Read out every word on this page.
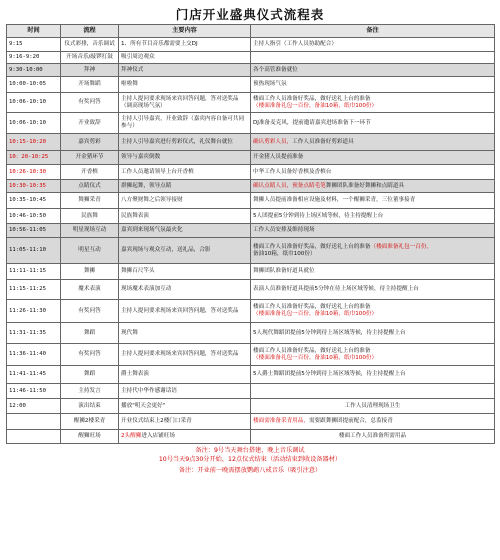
门店开业盛典仪式流程表
时间	流程	主要内容	备注
9:15	仪式彩排，音乐调试	1、所有节目音乐都需要上交DJ	主持人指引（工作人员协助配合）
9:16-9:20	开场音乐/敲锣打鼓	吸引周边观众	
9:30-10:00	拜神	拜神仪式	各个高管准备就位
10:00-10:05	开场舞蹈	啦啦舞	预热现场气氛
10:06-10:10	有奖问答	主持人提问要求现场来宾回答问题，答对送奖品（调高现场气氛）	楼面工作人员准备好奖品，做好送礼上台的准备（楼面准备礼包一百份，备油10箱，纸巾100份）
10:06-10:10	开业致辞	主持人引导嘉宾，开业致辞（嘉宾内容自备可共同参与）	DJ准备麦克风，提前邀请嘉宾进场准备下一环节
10:15-10:20	嘉宾剪彩	主持人引导嘉宾进行剪彩仪式，礼仪舞台就位	确认剪彩人员，工作人员准备好剪彩道具
10：20-10:25	开金猪环节	领导与嘉宾倒数	开金猪人员提前准备
10:26-10:30	开香槟	工作人员邀请领导上台开香槟	中华工作人员备好香槟及香槟台
10:30-10:35	点睛仪式	群狮起舞，领导点睛	确认点睛人员，预备点睛毛笔舞狮团队准备好舞狮和点睛道具
10:35-10:45	舞狮采青	八方聚财舞之后领导接财	舞狮人员提前准备相应设施及材料，一个醒狮采青，三位董事接青
10:46-10:50	民族舞	民族舞表演	5人团提前5分钟到待上场区域等候，待主持提醒上台
10:56-11:05	明星现场互动	嘉宾到来现场气氛最火化	工作人员安排及维持现场
11:05-11:10	明星互动	嘉宾现场与观众互动，送礼品，合影	楼面工作人员准备好奖品，做好送礼上台的准备（楼面准备礼包一百份，备油10箱，纸巾100份）
11:11-11:15	舞狮	舞狮百尺竿头	舞狮团队准备好道具就位
11:15-11:25	魔术表演	现场魔术表演加互动	表演人员准备好道具提前5分钟在待上场区域等候，待主持提醒上台
11:26-11:30	有奖问答	主持人提问要求现场来宾回答问题，答对送奖品	楼面工作人员准备好奖品，做好送礼上台的准备（楼面准备礼包一百份，备油10箱，纸巾100份）
11:31-11:35	舞蹈	现代舞	5人现代舞蹈团提前5分钟到待上场区域等候，待主持提醒上台
11:36-11:40	有奖问答	主持人提问要求现场来宾回答问题，答对送奖品	楼面工作人员准备好奖品，做好送礼上台的准备（楼面准备礼包一百份，备油10箱，纸巾100份）
11:41-11:45	舞蹈	爵士舞表演	5人爵士舞蹈团提前5分钟到待上场区域等候，待主持提醒上台
11:46-11:50	主持发言	主持代中华作感谢话语	
12:00	演出结束	播放"明天会更好"	工作人员清理现场卫生
	醒狮2楼采青	开业仪式结束上2楼门口采青	楼面需准备采青用品，需要跟舞狮团提前配合，总监接青
	醒狮旺场	2头醒狮进入店铺旺场	楼面工作人员准备所需用品
备注：9号当天舞台搭建，晚上音乐调试
10号当天9点30分开始，12点仪式结束（活动结束到收设备器材）
备注：开业前一晚需摆放鹦鹉八戒音乐（吸引注意）
